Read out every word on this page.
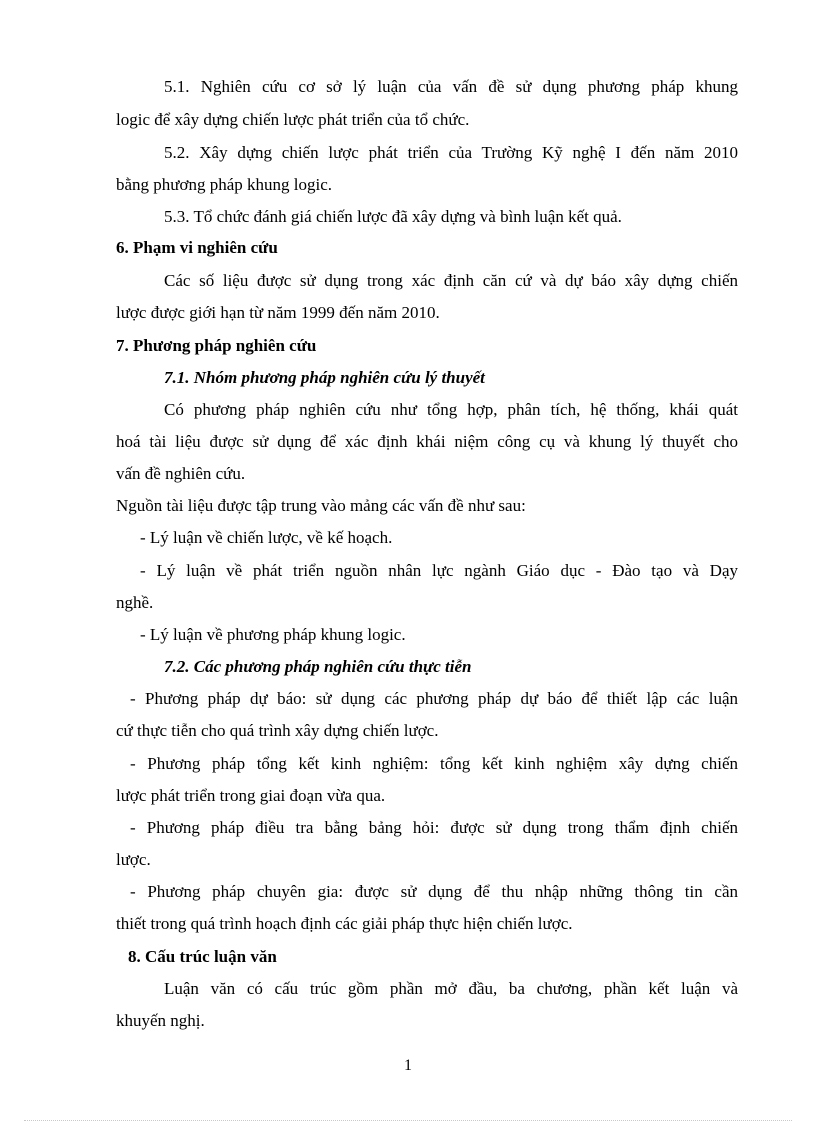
5.1. Nghiên cứu cơ sở lý luận của vấn đề sử dụng phương pháp khung
logic để xây dựng chiến lược phát triển của tổ chức.
5.2. Xây dựng chiến lược phát triển của Trường Kỹ nghệ I đến năm 2010
bằng phương pháp khung logic.
5.3. Tổ chức đánh giá chiến lược đã xây dựng và bình luận kết quả.
6. Phạm vi nghiên cứu
Các số liệu được sử dụng trong xác định căn cứ và dự báo xây dựng chiến
lược được giới hạn từ năm 1999 đến năm 2010.
7. Phương pháp nghiên cứu
7.1. Nhóm phương pháp nghiên cứu lý thuyết
Có phương pháp nghiên cứu như tổng hợp, phân tích, hệ thống, khái quát
hoá tài liệu được sử dụng để xác định khái niệm công cụ và khung lý thuyết cho
vấn đề nghiên cứu.
Nguồn tài liệu được tập trung vào mảng các vấn đề như sau:
- Lý luận về chiến lược, về kế hoạch.
- Lý luận về phát triển nguồn nhân lực ngành Giáo dục - Đào tạo và Dạy
nghề.
- Lý luận về phương pháp khung logic.
7.2. Các phương pháp nghiên cứu thực tiễn
- Phương pháp dự báo: sử dụng các phương pháp dự báo để thiết lập các luận
cứ thực tiễn cho quá trình xây dựng chiến lược.
- Phương pháp tổng kết kinh nghiệm: tổng kết kinh nghiệm xây dựng chiến
lược phát triển trong giai đoạn vừa qua.
- Phương pháp điều tra bằng bảng hỏi: được sử dụng trong thẩm định chiến
lược.
- Phương pháp chuyên gia: được sử dụng để thu nhập những thông tin cần
thiết trong quá trình hoạch định các giải pháp thực hiện chiến lược.
8. Cấu trúc luận văn
Luận văn có cấu trúc gồm phần mở đầu, ba chương, phần kết luận và
khuyến nghị.
1
